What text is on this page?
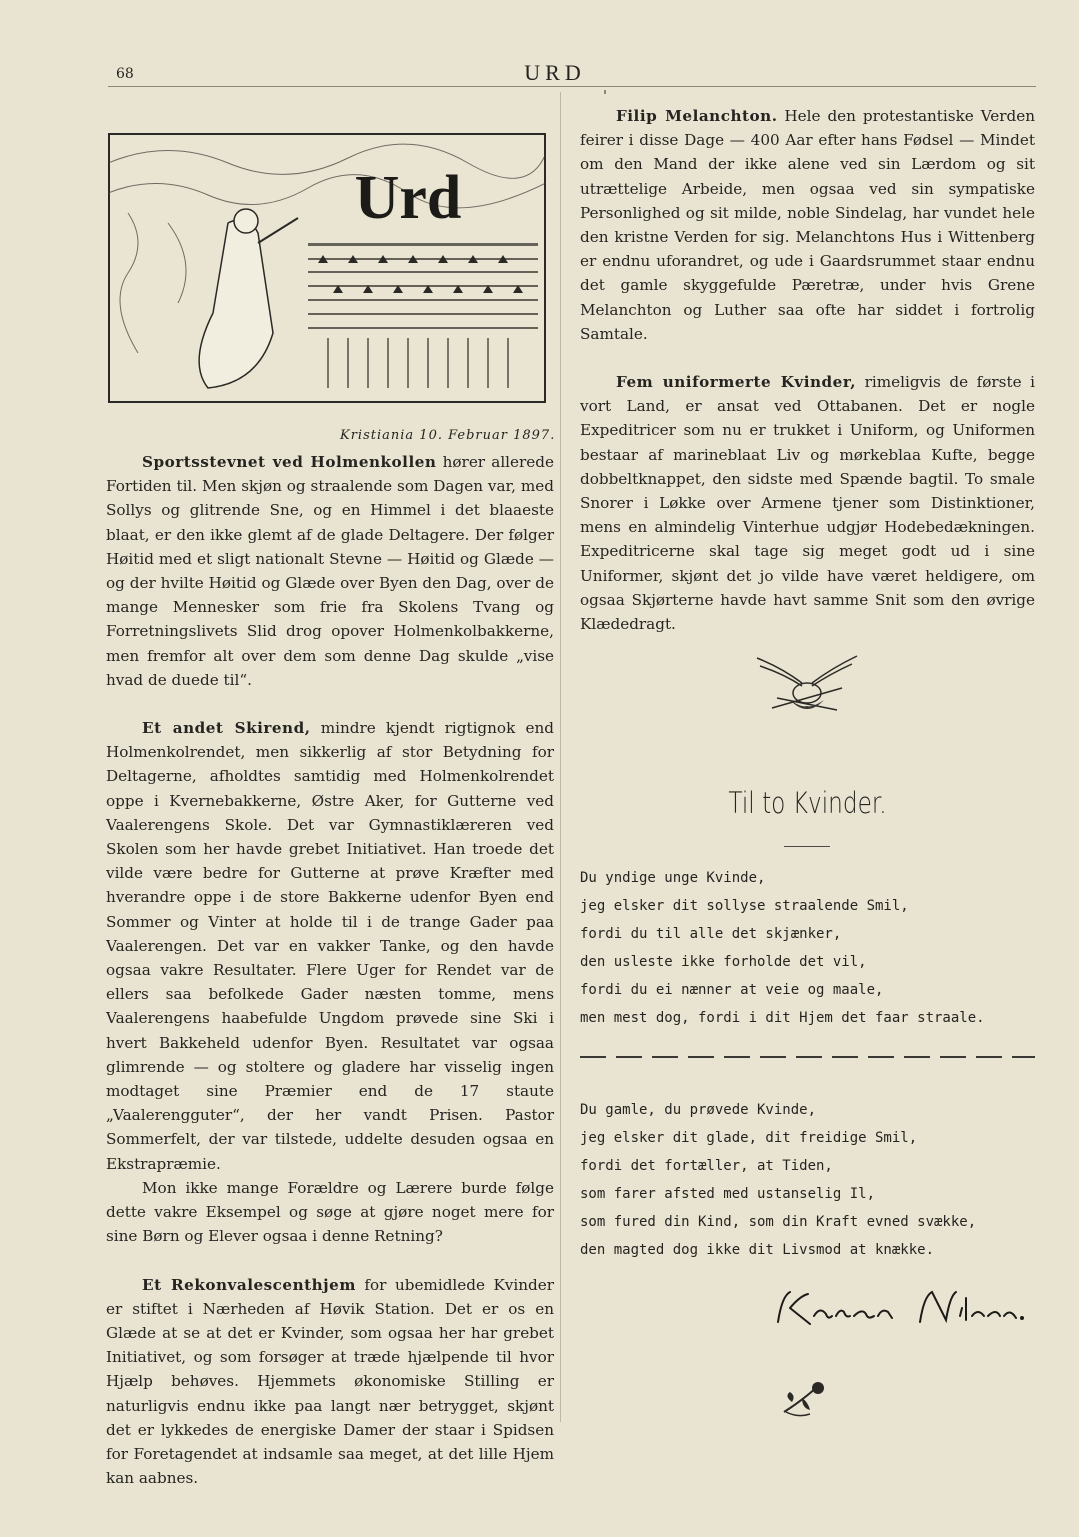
68	URD
Urd
Kristiania 10. Februar 1897.

Sportsstevnet ved Holmenkollen hører allerede Fortiden til. Men skjøn og straalende som Dagen var, med Sollys og glitrende Sne, og en Himmel i det blaaeste blaat, er den ikke glemt af de glade Deltagere. Der følger Høitid med et sligt nationalt Stevne — Høitid og Glæde — og der hvilte Høitid og Glæde over Byen den Dag, over de mange Mennesker som frie fra Skolens Tvang og Forretningslivets Slid drog opover Holmenkolbakkerne, men fremfor alt over dem som denne Dag skulde „vise hvad de duede til“.

Et andet Skirend, mindre kjendt rigtignok end Holmenkolrendet, men sikkerlig af stor Betydning for Deltagerne, afholdtes samtidig med Holmenkolrendet oppe i Kvernebakkerne, Østre Aker, for Gutterne ved Vaalerengens Skole. Det var Gymnastiklæreren ved Skolen som her havde grebet Initiativet. Han troede det vilde være bedre for Gutterne at prøve Kræfter med hverandre oppe i de store Bakkerne udenfor Byen end Sommer og Vinter at holde til i de trange Gader paa Vaalerengen. Det var en vakker Tanke, og den havde ogsaa vakre Resultater. Flere Uger for Rendet var de ellers saa befolkede Gader næsten tomme, mens Vaalerengens haabefulde Ungdom prøvede sine Ski i hvert Bakkeheld udenfor Byen. Resultatet var ogsaa glimrende — og stoltere og gladere har visselig ingen modtaget sine Præmier end de 17 staute „Vaalerengguter“, der her vandt Prisen. Pastor Sommerfelt, der var tilstede, uddelte desuden ogsaa en Ekstrapræmie.

Mon ikke mange Forældre og Lærere burde følge dette vakre Eksempel og søge at gjøre noget mere for sine Børn og Elever ogsaa i denne Retning?

Et Rekonvalescenthjem for ubemidlede Kvinder er stiftet i Nærheden af Høvik Station. Det er os en Glæde at se at det er Kvinder, som ogsaa her har grebet Initiativet, og som forsøger at træde hjælpende til hvor Hjælp behøves. Hjemmets økonomiske Stilling er naturligvis endnu ikke paa langt nær betrygget, skjønt det er lykkedes de energiske Damer der staar i Spidsen for Foretagendet at indsamle saa meget, at det lille Hjem kan aabnes.

Filip Melanchton. Hele den protestantiske Verden feirer i disse Dage — 400 Aar efter hans Fødsel — Mindet om den Mand der ikke alene ved sin Lærdom og sit utrættelige Arbeide, men ogsaa ved sin sympatiske Personlighed og sit milde, noble Sindelag, har vundet hele den kristne Verden for sig. Melanchtons Hus i Wittenberg er endnu uforandret, og ude i Gaardsrummet staar endnu det gamle skyggefulde Pæretræ, under hvis Grene Melanchton og Luther saa ofte har siddet i fortrolig Samtale.

Fem uniformerte Kvinder, rimeligvis de første i vort Land, er ansat ved Ottabanen. Det er nogle Expeditricer som nu er trukket i Uniform, og Uniformen bestaar af marineblaat Liv og mørkeblaa Kufte, begge dobbeltknappet, den sidste med Spænde bagtil. To smale Snorer i Løkke over Armene tjener som Distinktioner, mens en almindelig Vinterhue udgjør Hodebedækningen. Expeditricerne skal tage sig meget godt ud i sine Uniformer, skjønt det jo vilde have været heldigere, om ogsaa Skjørterne havde havt samme Snit som den øvrige Klædedragt.

Til to Kvinder.
Du yndige unge Kvinde,
jeg elsker dit sollyse straalende Smil,
fordi du til alle det skjænker,
den usleste ikke forholde det vil,
fordi du ei nænner at veie og maale,
men mest dog, fordi i dit Hjem det faar straale.
Du gamle, du prøvede Kvinde,
jeg elsker dit glade, dit freidige Smil,
fordi det fortæller, at Tiden,
som farer afsted med ustanselig Il,
som fured din Kind, som din Kraft evned svække,
den magted dog ikke dit Livsmod at knække.
